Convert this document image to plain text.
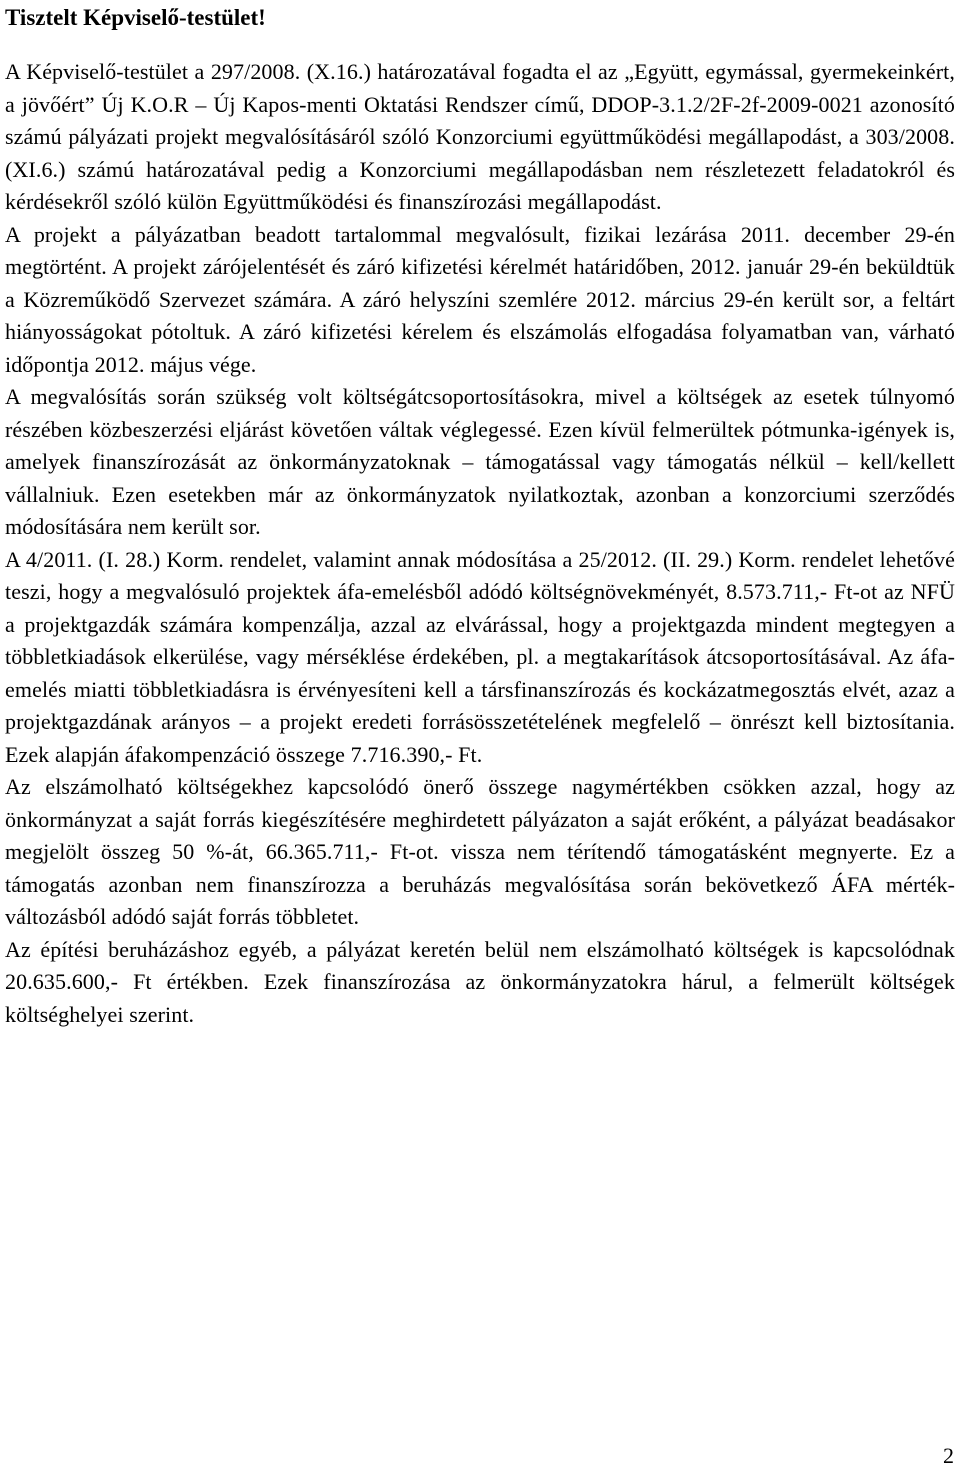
Tisztelt Képviselő-testület!

A Képviselő-testület a 297/2008. (X.16.) határozatával fogadta el az „Együtt, egymással, gyermekeinkért, a jövőért” Új K.O.R – Új Kapos-menti Oktatási Rendszer című, DDOP-3.1.2/2F-2f-2009-0021 azonosító számú pályázati projekt megvalósításáról szóló Konzorciumi együttműködési megállapodást, a 303/2008.(XI.6.) számú határozatával pedig a Konzorciumi megállapodásban nem részletezett feladatokról és kérdésekről szóló külön Együttműködési és finanszírozási megállapodást.

A projekt a pályázatban beadott tartalommal megvalósult, fizikai lezárása 2011. december 29-én megtörtént. A projekt zárójelentését és záró kifizetési kérelmét határidőben, 2012. január 29-én beküldtük a Közreműködő Szervezet számára. A záró helyszíni szemlére 2012. március 29-én került sor, a feltárt hiányosságokat pótoltuk. A záró kifizetési kérelem és elszámolás elfogadása folyamatban van, várható időpontja 2012. május vége.

A megvalósítás során szükség volt költségátcsoportosításokra, mivel a költségek az esetek túlnyomó részében közbeszerzési eljárást követően váltak véglegessé. Ezen kívül felmerültek pótmunka-igények is, amelyek finanszírozását az önkormányzatoknak – támogatással vagy támogatás nélkül – kell/kellett vállalniuk. Ezen esetekben már az önkormányzatok nyilatkoztak, azonban a konzorciumi szerződés módosítására nem került sor.

A 4/2011. (I. 28.) Korm. rendelet, valamint annak módosítása a 25/2012. (II. 29.) Korm. rendelet lehetővé teszi, hogy a megvalósuló projektek áfa-emelésből adódó költségnövekményét, 8.573.711,- Ft-ot az NFÜ a projektgazdák számára kompenzálja, azzal az elvárással, hogy a projektgazda mindent megtegyen a többletkiadások elkerülése, vagy mérséklése érdekében, pl. a megtakarítások átcsoportosításával. Az áfa-emelés miatti többletkiadásra is érvényesíteni kell a társfinanszírozás és kockázatmegosztás elvét, azaz a projektgazdának arányos – a projekt eredeti forrásösszetételének megfelelő – önrészt kell biztosítania. Ezek alapján áfakompenzáció összege 7.716.390,- Ft.

Az elszámolható költségekhez kapcsolódó önerő összege nagymértékben csökken azzal, hogy az önkormányzat a saját forrás kiegészítésére meghirdetett pályázaton a saját erőként, a pályázat beadásakor megjelölt összeg 50 %-át, 66.365.711,- Ft-ot. vissza nem térítendő támogatásként megnyerte. Ez a támogatás azonban nem finanszírozza a beruházás megvalósítása során bekövetkező ÁFA mérték-változásból adódó saját forrás többletet.

Az építési beruházáshoz egyéb, a pályázat keretén belül nem elszámolható költségek is kapcsolódnak 20.635.600,- Ft értékben. Ezek finanszírozása az önkormányzatokra hárul, a felmerült költségek költséghelyei szerint.

2
